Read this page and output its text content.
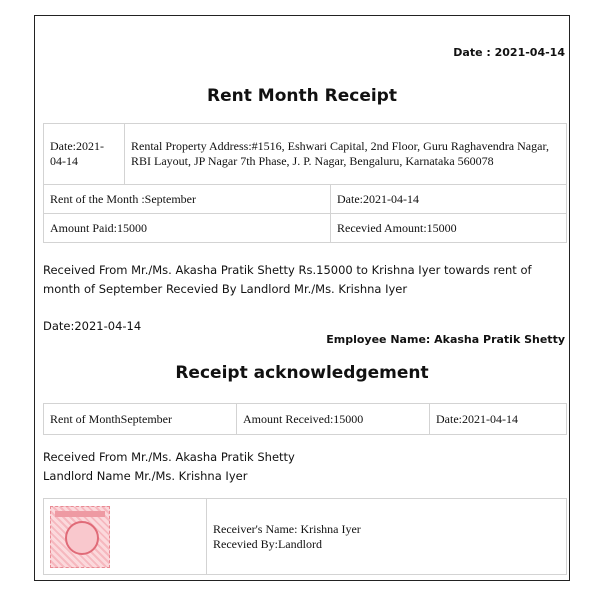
Date : 2021-04-14
Rent Month Receipt
Date:2021-04-14	Rental Property Address:#1516, Eshwari Capital, 2nd Floor, Guru Raghavendra Nagar, RBI Layout, JP Nagar 7th Phase, J. P. Nagar, Bengaluru, Karnataka 560078	
Rent of the Month :September		Date:2021-04-14
Amount Paid:15000		Recevied Amount:15000
Received From Mr./Ms. Akasha Pratik Shetty Rs.15000 to Krishna Iyer towards rent of month of September Recevied By Landlord Mr./Ms. Krishna Iyer
Date:2021-04-14
Employee Name: Akasha Pratik Shetty
Receipt acknowledgement
Rent of MonthSeptember	Amount Received:15000	Date:2021-04-14
Received From Mr./Ms. Akasha Pratik Shetty
Landlord Name Mr./Ms. Krishna Iyer

Receiver's Name: Krishna Iyer
Recevied By:Landlord
